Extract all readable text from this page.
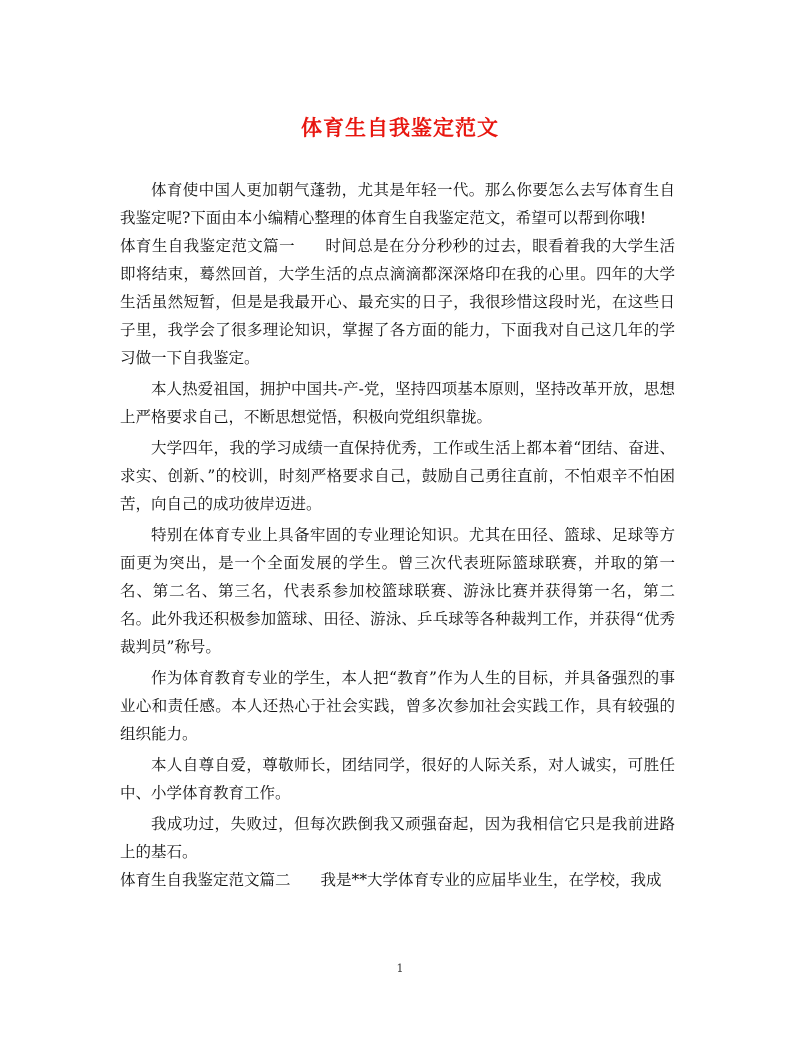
体育生自我鉴定范文

体育使中国人更加朝气蓬勃，尤其是年轻一代。那么你要怎么去写体育生自我鉴定呢?下面由本小编精心整理的体育生自我鉴定范文，希望可以帮到你哦!

体育生自我鉴定范文篇一 时间总是在分分秒秒的过去，眼看着我的大学生活即将结束，蓦然回首，大学生活的点点滴滴都深深烙印在我的心里。四年的大学生活虽然短暂，但是是我最开心、最充实的日子，我很珍惜这段时光，在这些日子里，我学会了很多理论知识，掌握了各方面的能力，下面我对自己这几年的学习做一下自我鉴定。

本人热爱祖国，拥护中国共-产-党，坚持四项基本原则，坚持改革开放，思想上严格要求自己，不断思想觉悟，积极向党组织靠拢。

大学四年，我的学习成绩一直保持优秀，工作或生活上都本着“团结、奋进、求实、创新、”的校训，时刻严格要求自己，鼓励自己勇往直前，不怕艰辛不怕困苦，向自己的成功彼岸迈进。

特别在体育专业上具备牢固的专业理论知识。尤其在田径、篮球、足球等方面更为突出，是一个全面发展的学生。曾三次代表班际篮球联赛，并取的第一名、第二名、第三名，代表系参加校篮球联赛、游泳比赛并获得第一名，第二名。此外我还积极参加篮球、田径、游泳、乒乓球等各种裁判工作，并获得“优秀裁判员”称号。

作为体育教育专业的学生，本人把“教育”作为人生的目标，并具备强烈的事业心和责任感。本人还热心于社会实践，曾多次参加社会实践工作，具有较强的组织能力。

本人自尊自爱，尊敬师长，团结同学，很好的人际关系，对人诚实，可胜任中、小学体育教育工作。

我成功过，失败过，但每次跌倒我又顽强奋起，因为我相信它只是我前进路上的基石。

体育生自我鉴定范文篇二 我是**大学体育专业的应届毕业生，在学校，我成

1
